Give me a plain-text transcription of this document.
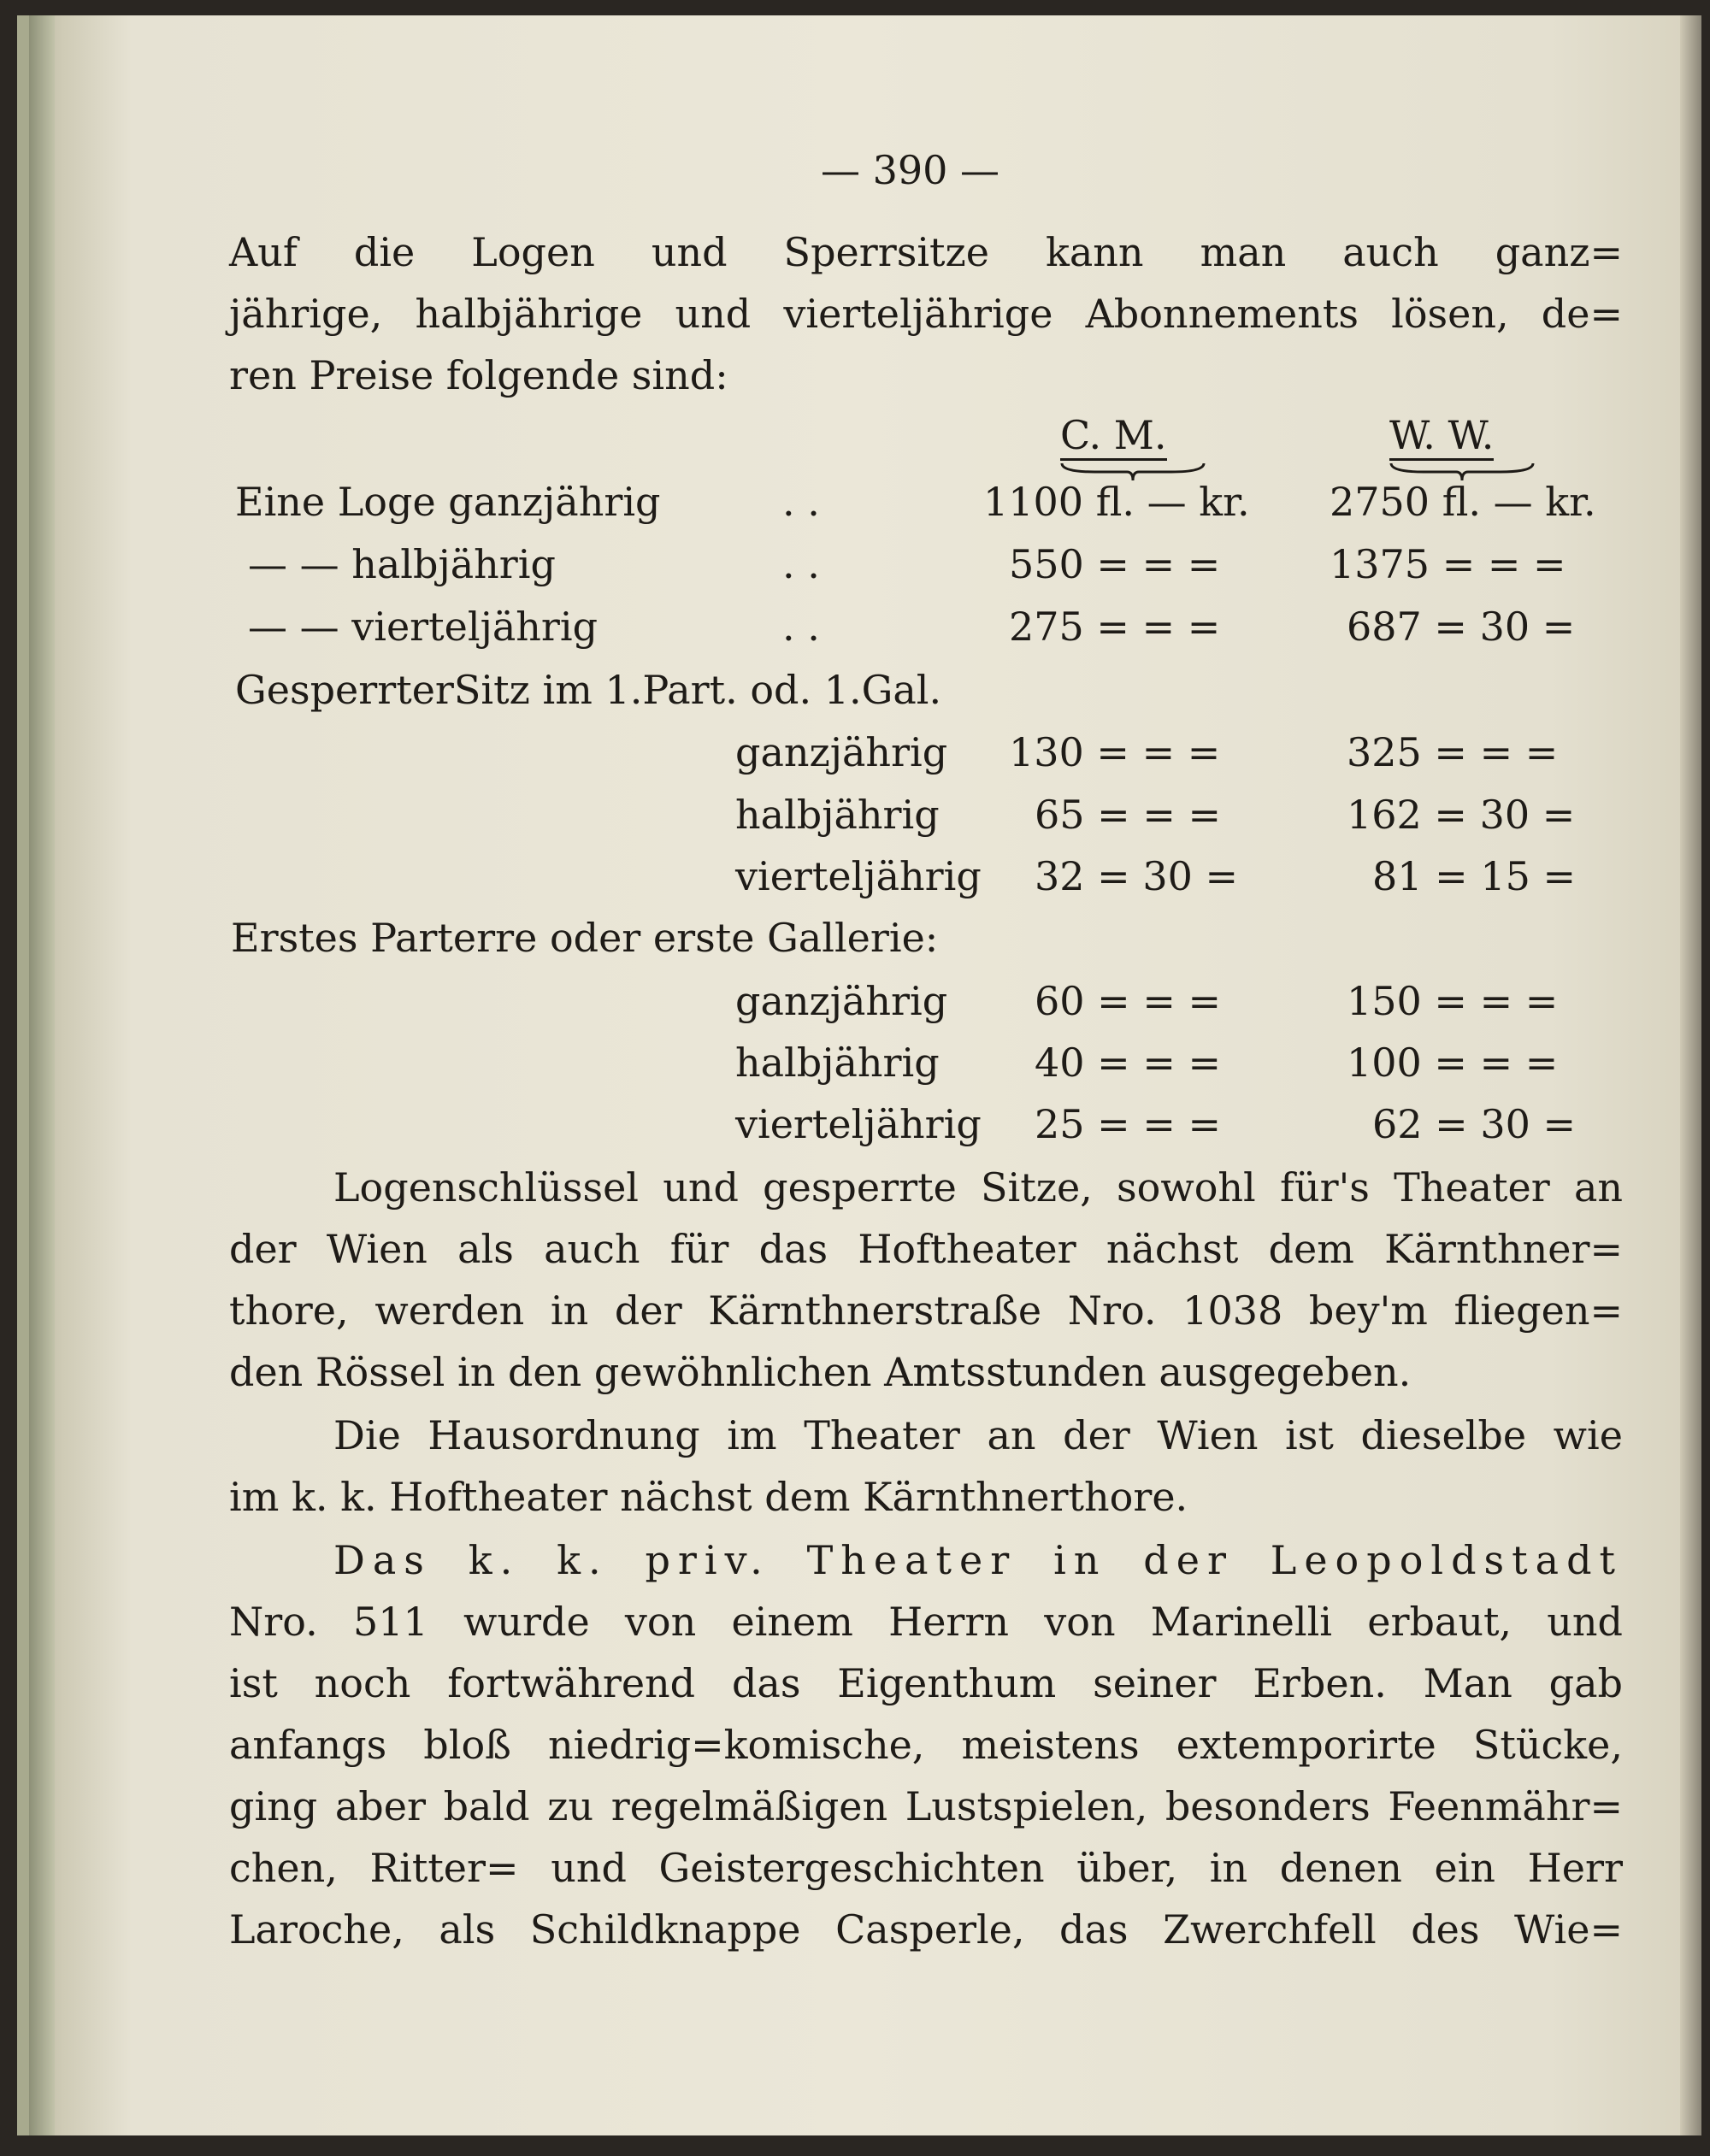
— 390 —
Auf die Logen und Sperrsitze kann man auch ganz=
jährige, halbjährige und vierteljährige Abonnements lösen, de=
ren Preise folgende sind:
C. M.	W. W.
Eine Loge ganzjährig	. .	1100 fl. — kr. 2750 fl. — kr.
— — halbjährig	. .	550 = = =	1375 = = =
— — vierteljährig	. .	275 = = =	687 = 30 =
GesperrterSitz im 1.Part. od. 1.Gal.
ganzjährig 130 = = =	325 = = =
halbjährig 65 = = =	162 = 30 =
vierteljährig 32 = 30 =	81 = 15 =
Erstes Parterre oder erste Gallerie:
ganzjährig 60 = = =	150 = = =
halbjährig 40 = = =	100 = = =
vierteljährig 25 = = =	62 = 30 =
Logenschlüssel und gesperrte Sitze, sowohl für's Theater an
der Wien als auch für das Hoftheater nächst dem Kärnthner=
thore, werden in der Kärnthnerstraße Nro. 1038 bey'm fliegen=
den Rössel in den gewöhnlichen Amtsstunden ausgegeben.
Die Hausordnung im Theater an der Wien ist dieselbe wie
im k. k. Hoftheater nächst dem Kärnthnerthore.
Das k. k. priv. Theater in der Leopoldstadt
Nro. 511 wurde von einem Herrn von Marinelli erbaut, und
ist noch fortwährend das Eigenthum seiner Erben. Man gab
anfangs bloß niedrig=komische, meistens extemporirte Stücke,
ging aber bald zu regelmäßigen Lustspielen, besonders Feenmähr=
chen, Ritter= und Geistergeschichten über, in denen ein Herr
Laroche, als Schildknappe Casperle, das Zwerchfell des Wie=
